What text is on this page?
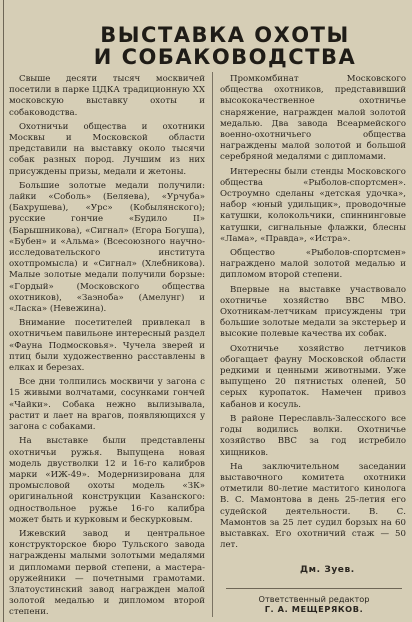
ВЫСТАВКА ОХОТЫ
И СОБАКОВОДСТВА

Свыше десяти тысяч москвичей посетили в парке ЦДКА традиционную XX московскую выставку охоты и собаководства.

Охотничьи общества и охотники Москвы и Московской области представили на выставку около тысячи собак разных пород. Лучшим из них присуждены призы, медали и жетоны.

Большие золотые медали получили: лайки «Соболь» (Беляева), «Урчуба» (Бахрушева), «Урс» (Кобылянского); русские гончие «Будило II» (Барышникова), «Сигнал» (Егора Богуша), «Бубен» и «Альма» (Всесоюзного научно-исследовательского института охотпромысла) и «Сигнал» (Хлебникова). Малые золотые медали получили борзые: «Гордый» (Московского общества охотников), «Заэноба» (Амелунг) и «Ласка» (Невежина).

Внимание посетителей привлекал в охотничьем павильоне интересный раздел «Фауна Подмосковья». Чучела зверей и птиц были художественно расставлены в елках и березах.

Все дни толпились москвичи у загона с 15 живыми волчатами, сосунками гончей «Чайки». Собака нежно вылизывала, растит и лает на врагов, появляющихся у загона с собаками.

На выставке были представлены охотничьи ружья. Выпущена новая модель двустволки 12 и 16-го калибров марки «ИЖ-49». Модернизирована для промысловой охоты модель «ЗК» оригинальной конструкции Казанского: одноствольное ружье 16-го калибра может быть и курковым и бескурковым.

Ижевский завод и центральное конструкторское бюро Тульского завода награждены малыми золотыми медалями и дипломами первой степени, а мастера-оружейники — почетными грамотами. Златоустинский завод награжден малой золотой медалью и дипломом второй степени.

Промкомбинат Московского общества охотников, представивший высококачественное охотничье снаряжение, награжден малой золотой медалью. Два завода Всеармейского военно-охотничьего общества награждены малой золотой и большой серебряной медалями с дипломами.

Интересны были стенды Московского общества «Рыболов-спортсмен». Остроумно сделаны «детская удочка», набор «юный удильщик», проводочные катушки, колокольчики, спиннинговые катушки, сигнальные флажки, блесны «Лама», «Правда», «Истра».

Общество «Рыболов-спортсмен» награждено малой золотой медалью и дипломом второй степени.

Впервые на выставке участвовало охотничье хозяйство ВВС МВО. Охотникам-летчикам присуждены три большие золотые медали за экстерьер и высокие полевые качества их собак.

Охотничье хозяйство летчиков обогащает фауну Московской области редкими и ценными животными. Уже выпущено 20 пятнистых оленей, 50 серых куропаток. Намечен привоз кабанов и косуль.

В районе Переславль-Залесского все годы водились волки. Охотничье хозяйство ВВС за год истребило хищников.

На заключительном заседании выставочного комитета охотники отметили 80-летие маститого кинолога В. С. Мамонтова в день 25-летия его судейской деятельности. В. С. Мамонтов за 25 лет судил борзых на 60 выставках. Его охотничий стаж — 50 лет.

Дм. Зуев.
Ответственный редактор
Г. А. МЕЩЕРЯКОВ.
